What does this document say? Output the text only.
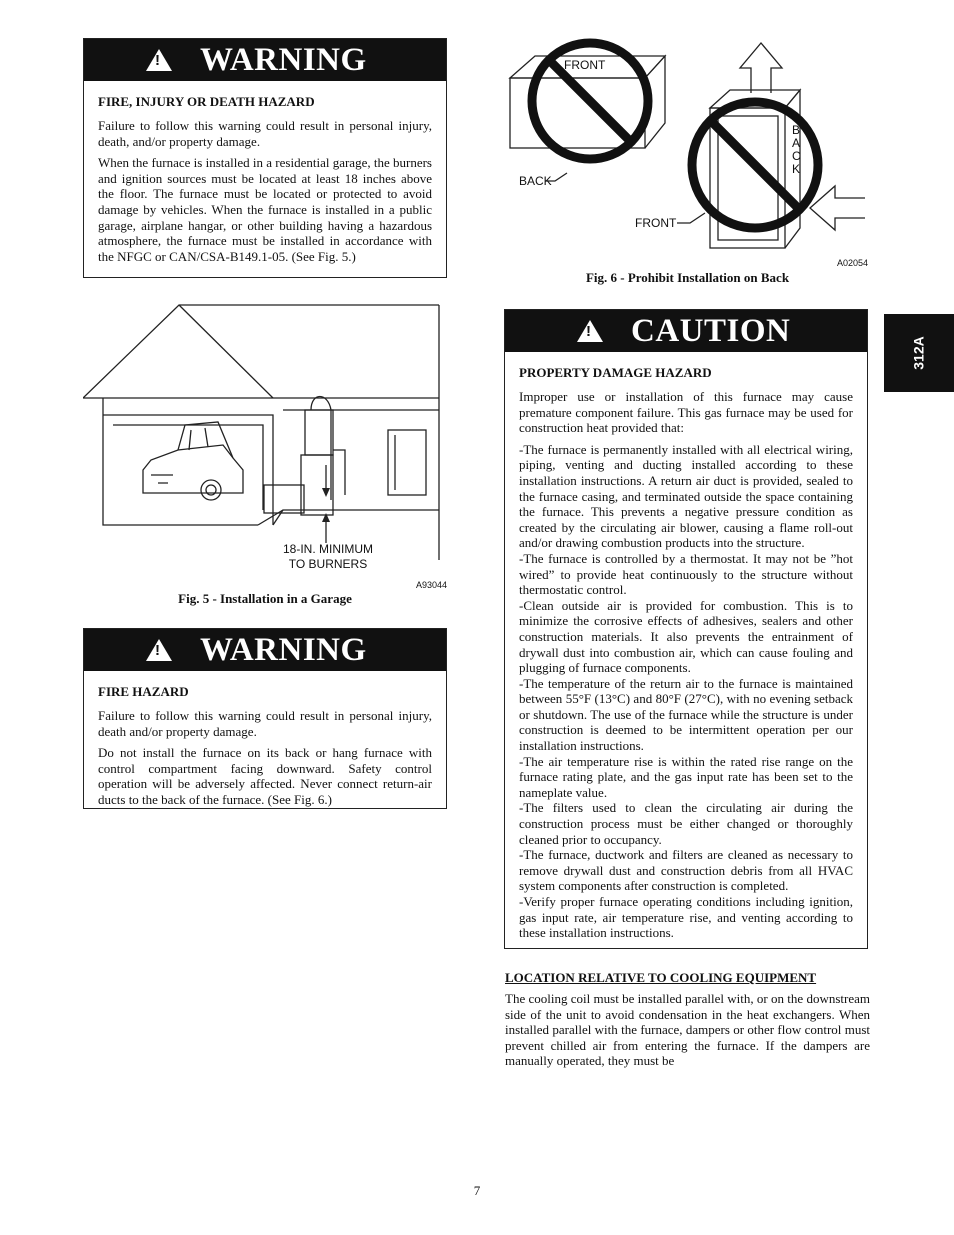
312A
! WARNING
FIRE, INJURY OR DEATH HAZARD

Failure to follow this warning could result in personal injury, death, and/or property damage.

When the furnace is installed in a residential garage, the burners and ignition sources must be located at least 18 inches above the floor. The furnace must be located or protected to avoid damage by vehicles. When the furnace is installed in a public garage, airplane hangar, or other building having a hazardous atmosphere, the furnace must be installed in accordance with the NFGC or CAN/CSA-B149.1-05. (See Fig. 5.)

18-IN. MINIMUM
TO BURNERS
A93044
Fig. 5 - Installation in a Garage
! WARNING
FIRE HAZARD

Failure to follow this warning could result in personal injury, death and/or property damage.

Do not install the furnace on its back or hang furnace with control compartment facing downward. Safety control operation will be adversely affected. Never connect return-air ducts to the back of the furnace. (See Fig. 6.)

FRONT
BACK
B
A
C
K
FRONT
A02054
Fig. 6 - Prohibit Installation on Back
! CAUTION
PROPERTY DAMAGE HAZARD

Improper use or installation of this furnace may cause premature component failure. This gas furnace may be used for construction heat provided that:

-The furnace is permanently installed with all electrical wiring, piping, venting and ducting installed according to these installation instructions. A return air duct is provided, sealed to the furnace casing, and terminated outside the space containing the furnace. This prevents a negative pressure condition as created by the circulating air blower, causing a flame roll-out and/or drawing combustion products into the structure.

-The furnace is controlled by a thermostat. It may not be ”hot wired” to provide heat continuously to the structure without thermostatic control.

-Clean outside air is provided for combustion. This is to minimize the corrosive effects of adhesives, sealers and other construction materials. It also prevents the entrainment of drywall dust into combustion air, which can cause fouling and plugging of furnace components.

-The temperature of the return air to the furnace is maintained between 55°F (13°C) and 80°F (27°C), with no evening setback or shutdown. The use of the furnace while the structure is under construction is deemed to be intermittent operation per our installation instructions.

-The air temperature rise is within the rated rise range on the furnace rating plate, and the gas input rate has been set to the nameplate value.

-The filters used to clean the circulating air during the construction process must be either changed or thoroughly cleaned prior to occupancy.

-The furnace, ductwork and filters are cleaned as necessary to remove drywall dust and construction debris from all HVAC system components after construction is completed.

-Verify proper furnace operating conditions including ignition, gas input rate, air temperature rise, and venting according to these installation instructions.

LOCATION RELATIVE TO COOLING EQUIPMENT

The cooling coil must be installed parallel with, or on the downstream side of the unit to avoid condensation in the heat exchangers. When installed parallel with the furnace, dampers or other flow control must prevent chilled air from entering the furnace. If the dampers are manually operated, they must be

7
